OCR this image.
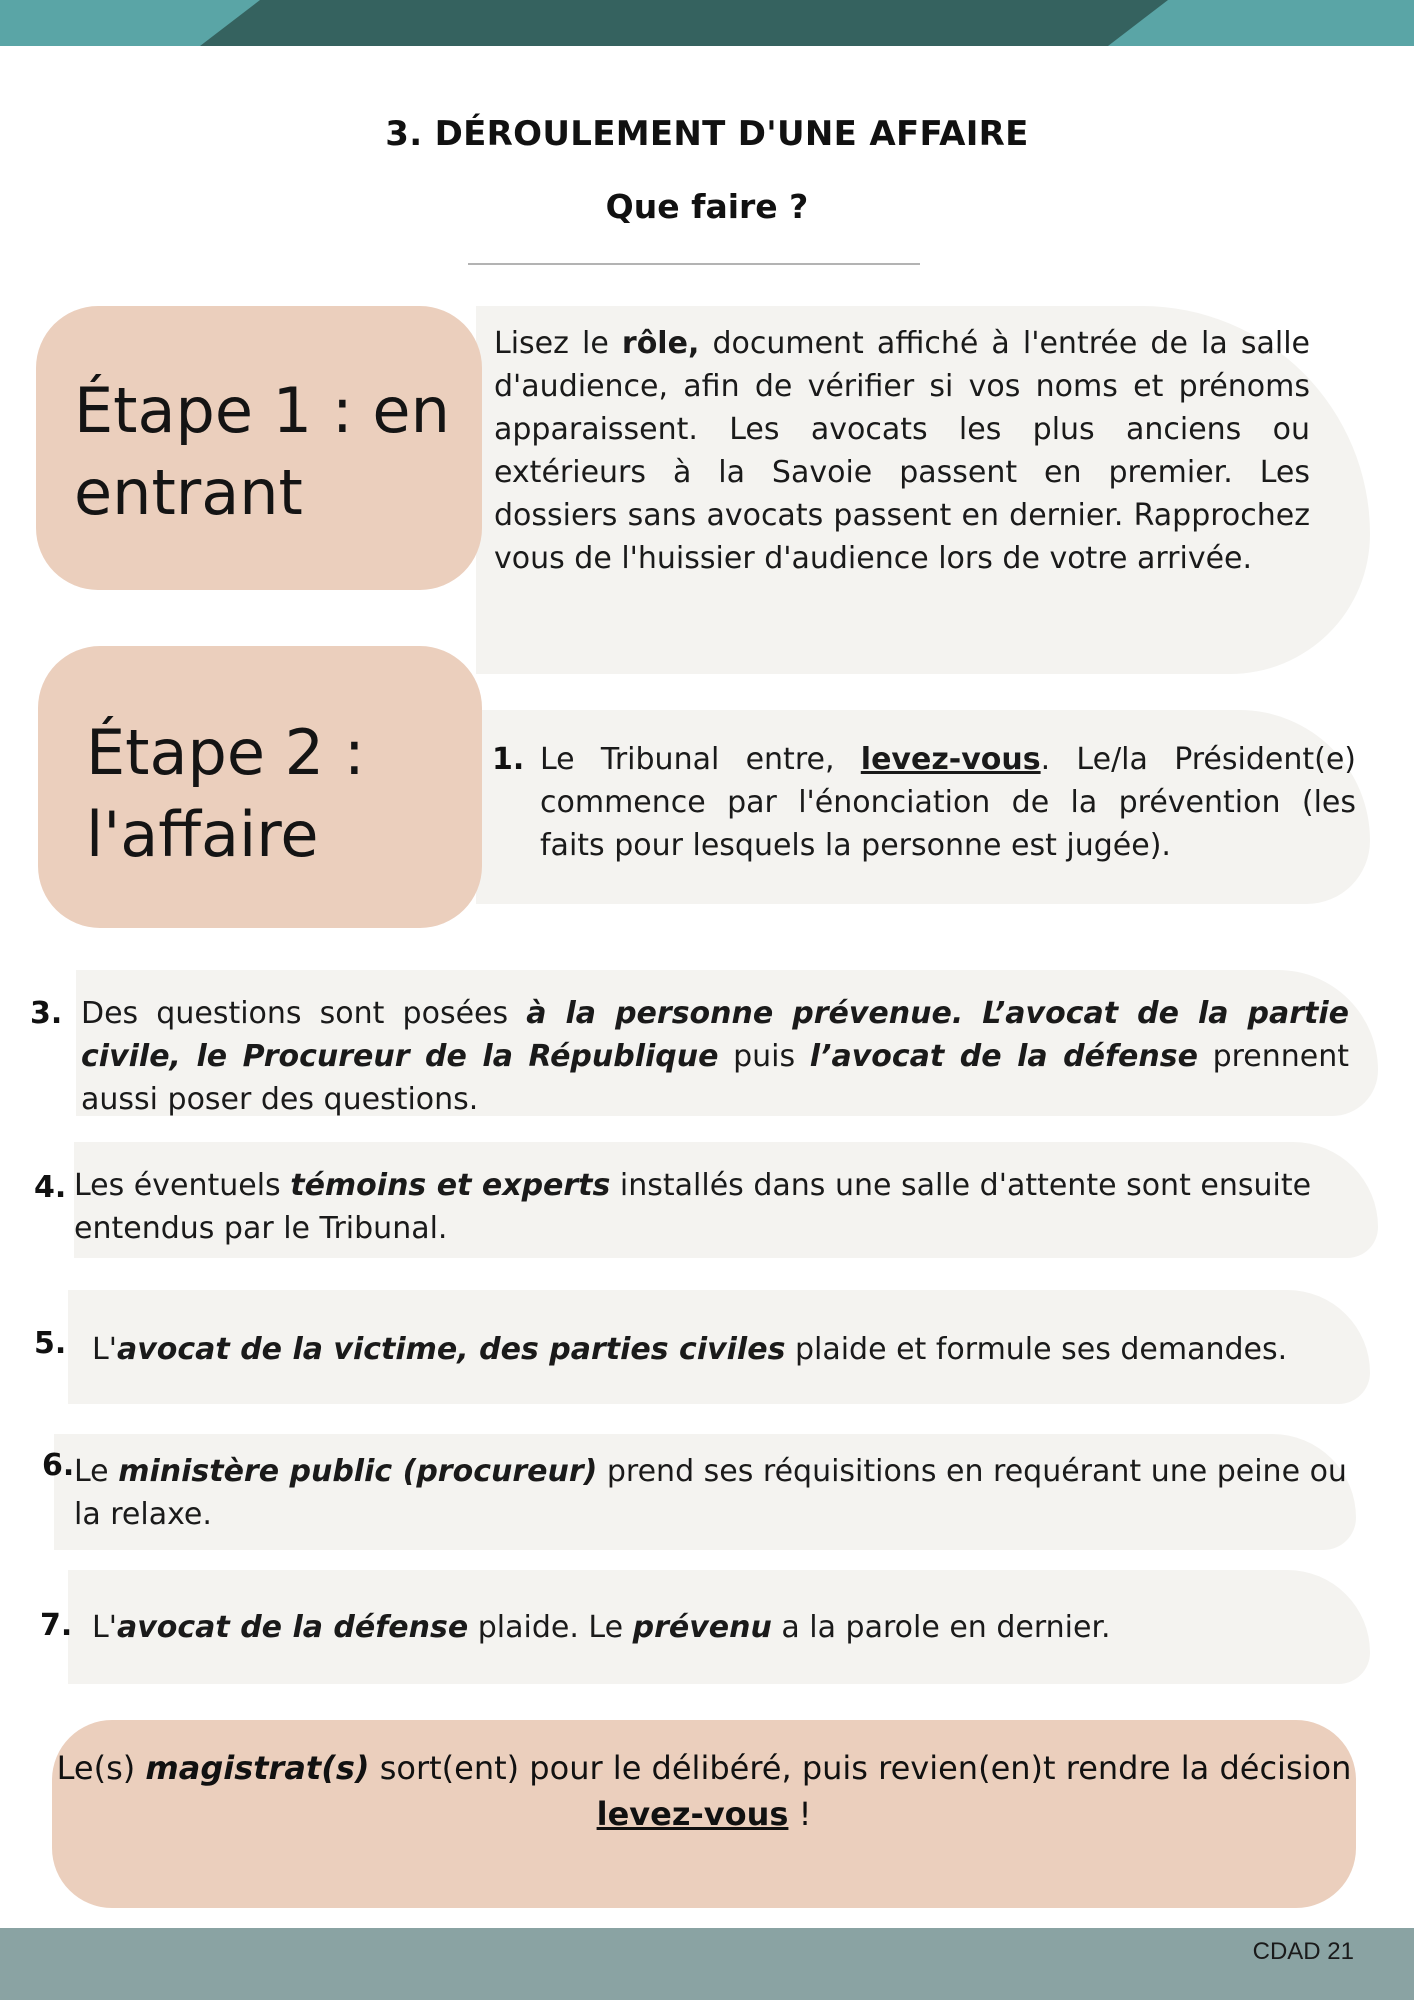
3. DÉROULEMENT D'UNE AFFAIRE
Que faire ?
Étape 1 : en
entrant
Lisez le rôle, document affiché à l'entrée de la salle d'audience, afin de vérifier si vos noms et prénoms apparaissent. Les avocats les plus anciens ou extérieurs à la Savoie passent en premier. Les dossiers sans avocats passent en dernier. Rapprochez vous de l'huissier d'audience lors de votre arrivée.
Étape 2 :
l'affaire
1. Le Tribunal entre, levez-vous. Le/la Président(e) commence par l'énonciation de la prévention (les faits pour lesquels la personne est jugée).
3. Des questions sont posées à la personne prévenue. L’avocat de la partie civile, le Procureur de la République puis l’avocat de la défense prennent aussi poser des questions.
4. Les éventuels témoins et experts installés dans une salle d'attente sont ensuite entendus par le Tribunal.
5. L'avocat de la victime, des parties civiles plaide et formule ses demandes.
6. Le ministère public (procureur) prend ses réquisitions en requérant une peine ou la relaxe.
7. L'avocat de la défense plaide. Le prévenu a la parole en dernier.
Le(s) magistrat(s) sort(ent) pour le délibéré, puis revien(en)t rendre la décision
levez-vous !
CDAD 21
